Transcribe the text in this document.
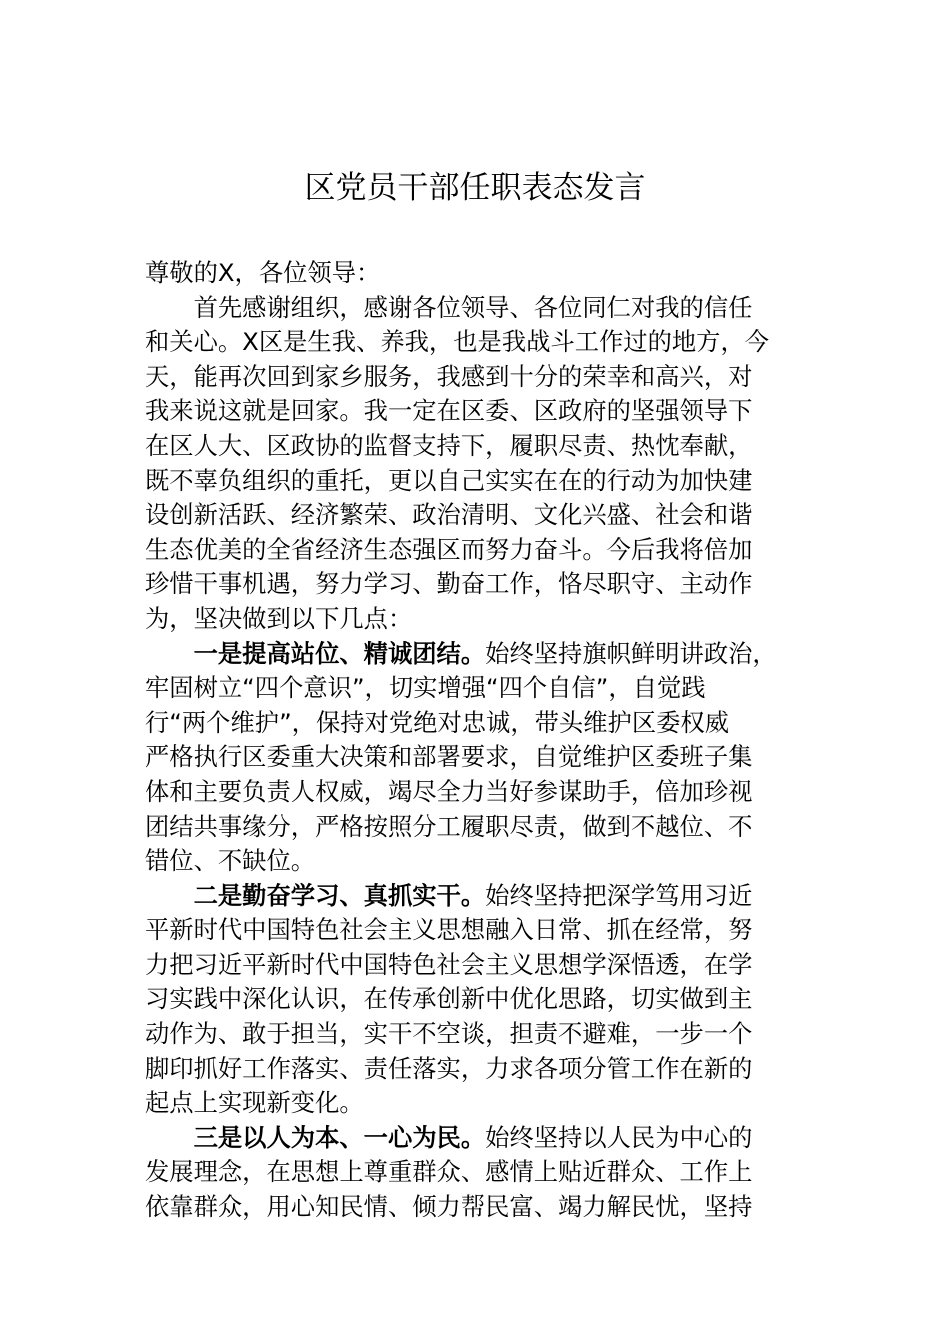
区党员干部任职表态发言
尊敬的X，各位领导：
首先感谢组织，感谢各位领导、各位同仁对我的信任
和关心。X区是生我、养我，也是我战斗工作过的地方，今
天，能再次回到家乡服务，我感到十分的荣幸和高兴，对
我来说这就是回家。我一定在区委、区政府的坚强领导下
在区人大、区政协的监督支持下，履职尽责、热忱奉献，
既不辜负组织的重托，更以自己实实在在的行动为加快建
设创新活跃、经济繁荣、政治清明、文化兴盛、社会和谐
生态优美的全省经济生态强区而努力奋斗。今后我将倍加
珍惜干事机遇，努力学习、勤奋工作，恪尽职守、主动作
为，坚决做到以下几点：
一是提高站位、精诚团结。始终坚持旗帜鲜明讲政治，
牢固树立“四个意识”，切实增强“四个自信”，自觉践
行“两个维护”，保持对党绝对忠诚，带头维护区委权威
严格执行区委重大决策和部署要求，自觉维护区委班子集
体和主要负责人权威，竭尽全力当好参谋助手，倍加珍视
团结共事缘分，严格按照分工履职尽责，做到不越位、不
错位、不缺位。
二是勤奋学习、真抓实干。始终坚持把深学笃用习近
平新时代中国特色社会主义思想融入日常、抓在经常，努
力把习近平新时代中国特色社会主义思想学深悟透，在学
习实践中深化认识，在传承创新中优化思路，切实做到主
动作为、敢于担当，实干不空谈，担责不避难，一步一个
脚印抓好工作落实、责任落实，力求各项分管工作在新的
起点上实现新变化。
三是以人为本、一心为民。始终坚持以人民为中心的
发展理念，在思想上尊重群众、感情上贴近群众、工作上
依靠群众，用心知民情、倾力帮民富、竭力解民忧，坚持
